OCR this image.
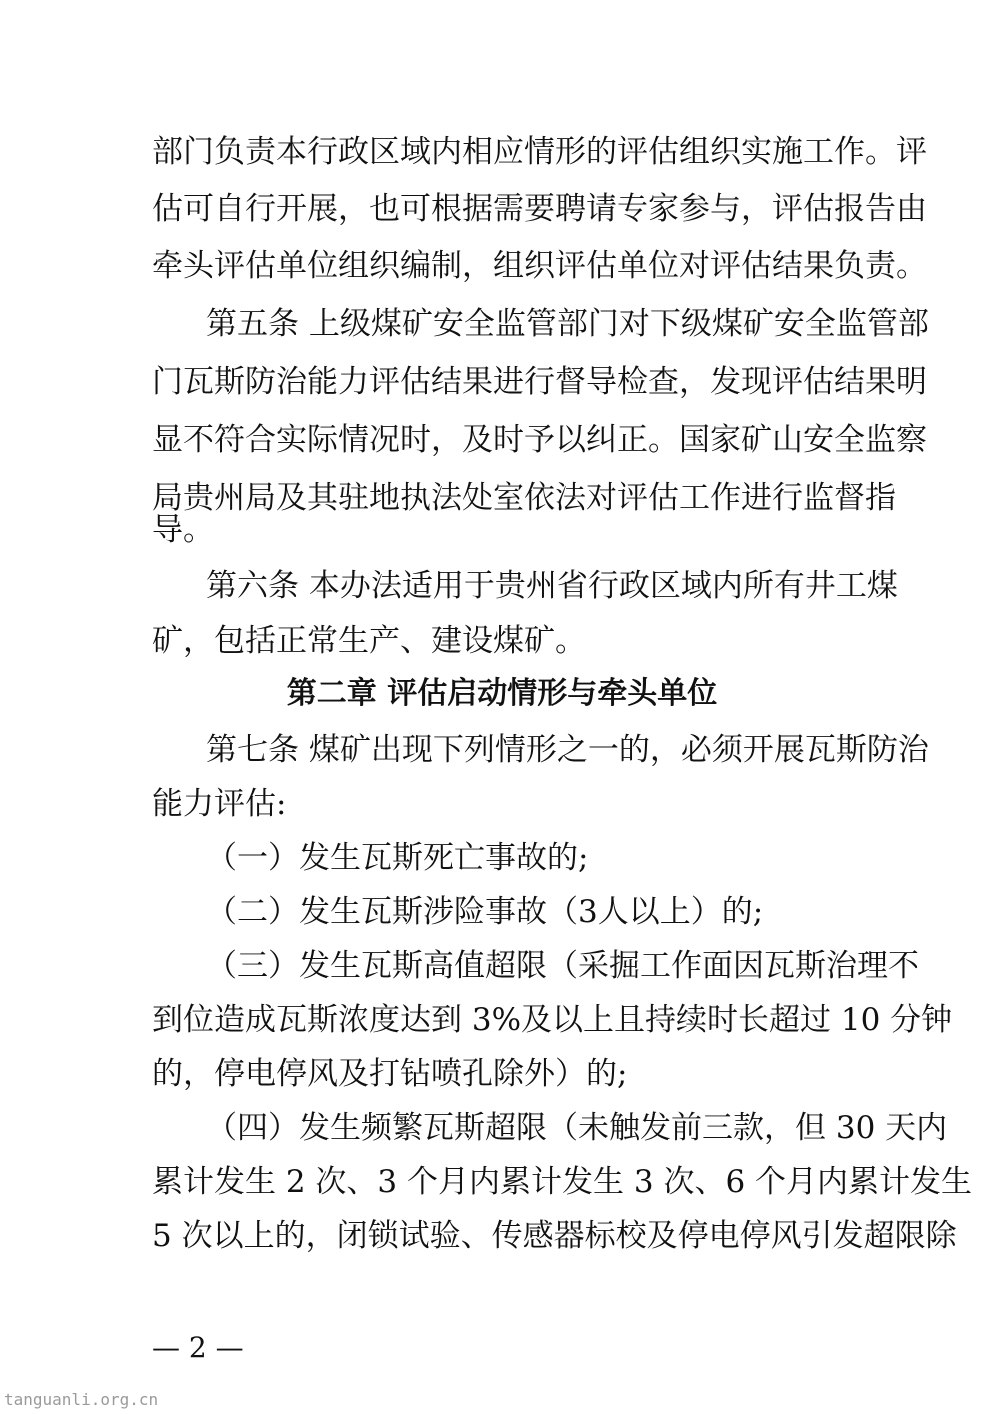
部门负责本行政区域内相应情形的评估组织实施工作。评
估可自行开展，也可根据需要聘请专家参与，评估报告由
牵头评估单位组织编制，组织评估单位对评估结果负责。
第五条 上级煤矿安全监管部门对下级煤矿安全监管部
门瓦斯防治能力评估结果进行督导检查，发现评估结果明
显不符合实际情况时，及时予以纠正。国家矿山安全监察
局贵州局及其驻地执法处室依法对评估工作进行监督指
导。
第六条 本办法适用于贵州省行政区域内所有井工煤
矿，包括正常生产、建设煤矿。
第二章 评估启动情形与牵头单位
第七条 煤矿出现下列情形之一的，必须开展瓦斯防治
能力评估:
（一）发生瓦斯死亡事故的;
（二）发生瓦斯涉险事故（3人以上）的;
（三）发生瓦斯高值超限（采掘工作面因瓦斯治理不
到位造成瓦斯浓度达到 3%及以上且持续时长超过 10 分钟
的，停电停风及打钻喷孔除外）的;
（四）发生频繁瓦斯超限（未触发前三款，但 30 天内
累计发生 2 次、3 个月内累计发生 3 次、6 个月内累计发生
5 次以上的，闭锁试验、传感器标校及停电停风引发超限除
— 2 —
tanguanli.org.cn
